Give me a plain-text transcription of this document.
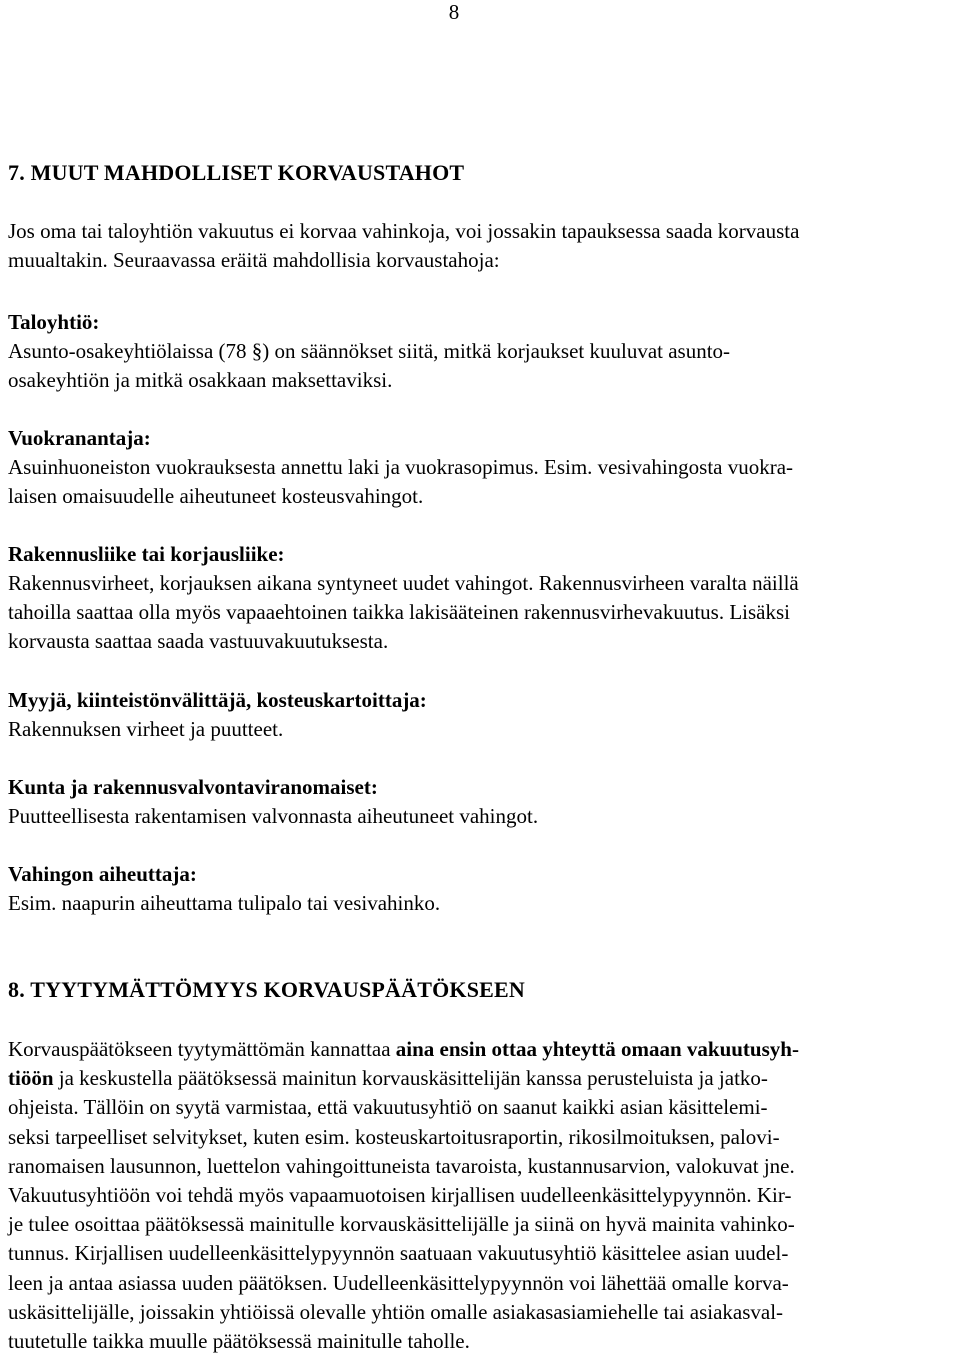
8
7. MUUT MAHDOLLISET KORVAUSTAHOT
Jos oma tai taloyhtiön vakuutus ei korvaa vahinkoja, voi jossakin tapauksessa saada korvausta
muualtakin. Seuraavassa eräitä mahdollisia korvaustahoja:
Taloyhtiö:
Asunto-osakeyhtiölaissa (78 §) on säännökset siitä, mitkä korjaukset kuuluvat asunto-
osakeyhtiön ja mitkä osakkaan maksettaviksi.
Vuokranantaja:
Asuinhuoneiston vuokrauksesta annettu laki ja vuokrasopimus. Esim. vesivahingosta vuokra-
laisen omaisuudelle aiheutuneet kosteusvahingot.
Rakennusliike tai korjausliike:
Rakennusvirheet, korjauksen aikana syntyneet uudet vahingot. Rakennusvirheen varalta näillä
tahoilla saattaa olla myös vapaaehtoinen taikka lakisääteinen rakennusvirhevakuutus. Lisäksi
korvausta saattaa saada vastuuvakuutuksesta.
Myyjä, kiinteistönvälittäjä, kosteuskartoittaja:
Rakennuksen virheet ja puutteet.
Kunta ja rakennusvalvontaviranomaiset:
Puutteellisesta rakentamisen valvonnasta aiheutuneet vahingot.
Vahingon aiheuttaja:
Esim. naapurin aiheuttama tulipalo tai vesivahinko.
8. TYYTYMÄTTÖMYYS KORVAUSPÄÄTÖKSEEN
Korvauspäätökseen tyytymättömän kannattaa aina ensin ottaa yhteyttä omaan vakuutusyh-
tiöön ja keskustella päätöksessä mainitun korvauskäsittelijän kanssa perusteluista ja jatko-
ohjeista. Tällöin on syytä varmistaa, että vakuutusyhtiö on saanut kaikki asian käsittelemi-
seksi tarpeelliset selvitykset, kuten esim. kosteuskartoitusraportin, rikosilmoituksen, palovi-
ranomaisen lausunnon, luettelon vahingoittuneista tavaroista, kustannusarvion, valokuvat jne.
Vakuutusyhtiöön voi tehdä myös vapaamuotoisen kirjallisen uudelleenkäsittelypyynnön. Kir-
je tulee osoittaa päätöksessä mainitulle korvauskäsittelijälle ja siinä on hyvä mainita vahinko-
tunnus. Kirjallisen uudelleenkäsittelypyynnön saatuaan vakuutusyhtiö käsittelee asian uudel-
leen ja antaa asiassa uuden päätöksen. Uudelleenkäsittelypyynnön voi lähettää omalle korva-
uskäsittelijälle, joissakin yhtiöissä olevalle yhtiön omalle asiakasasiamiehelle tai asiakasval-
tuutetulle taikka muulle päätöksessä mainitulle taholle.
